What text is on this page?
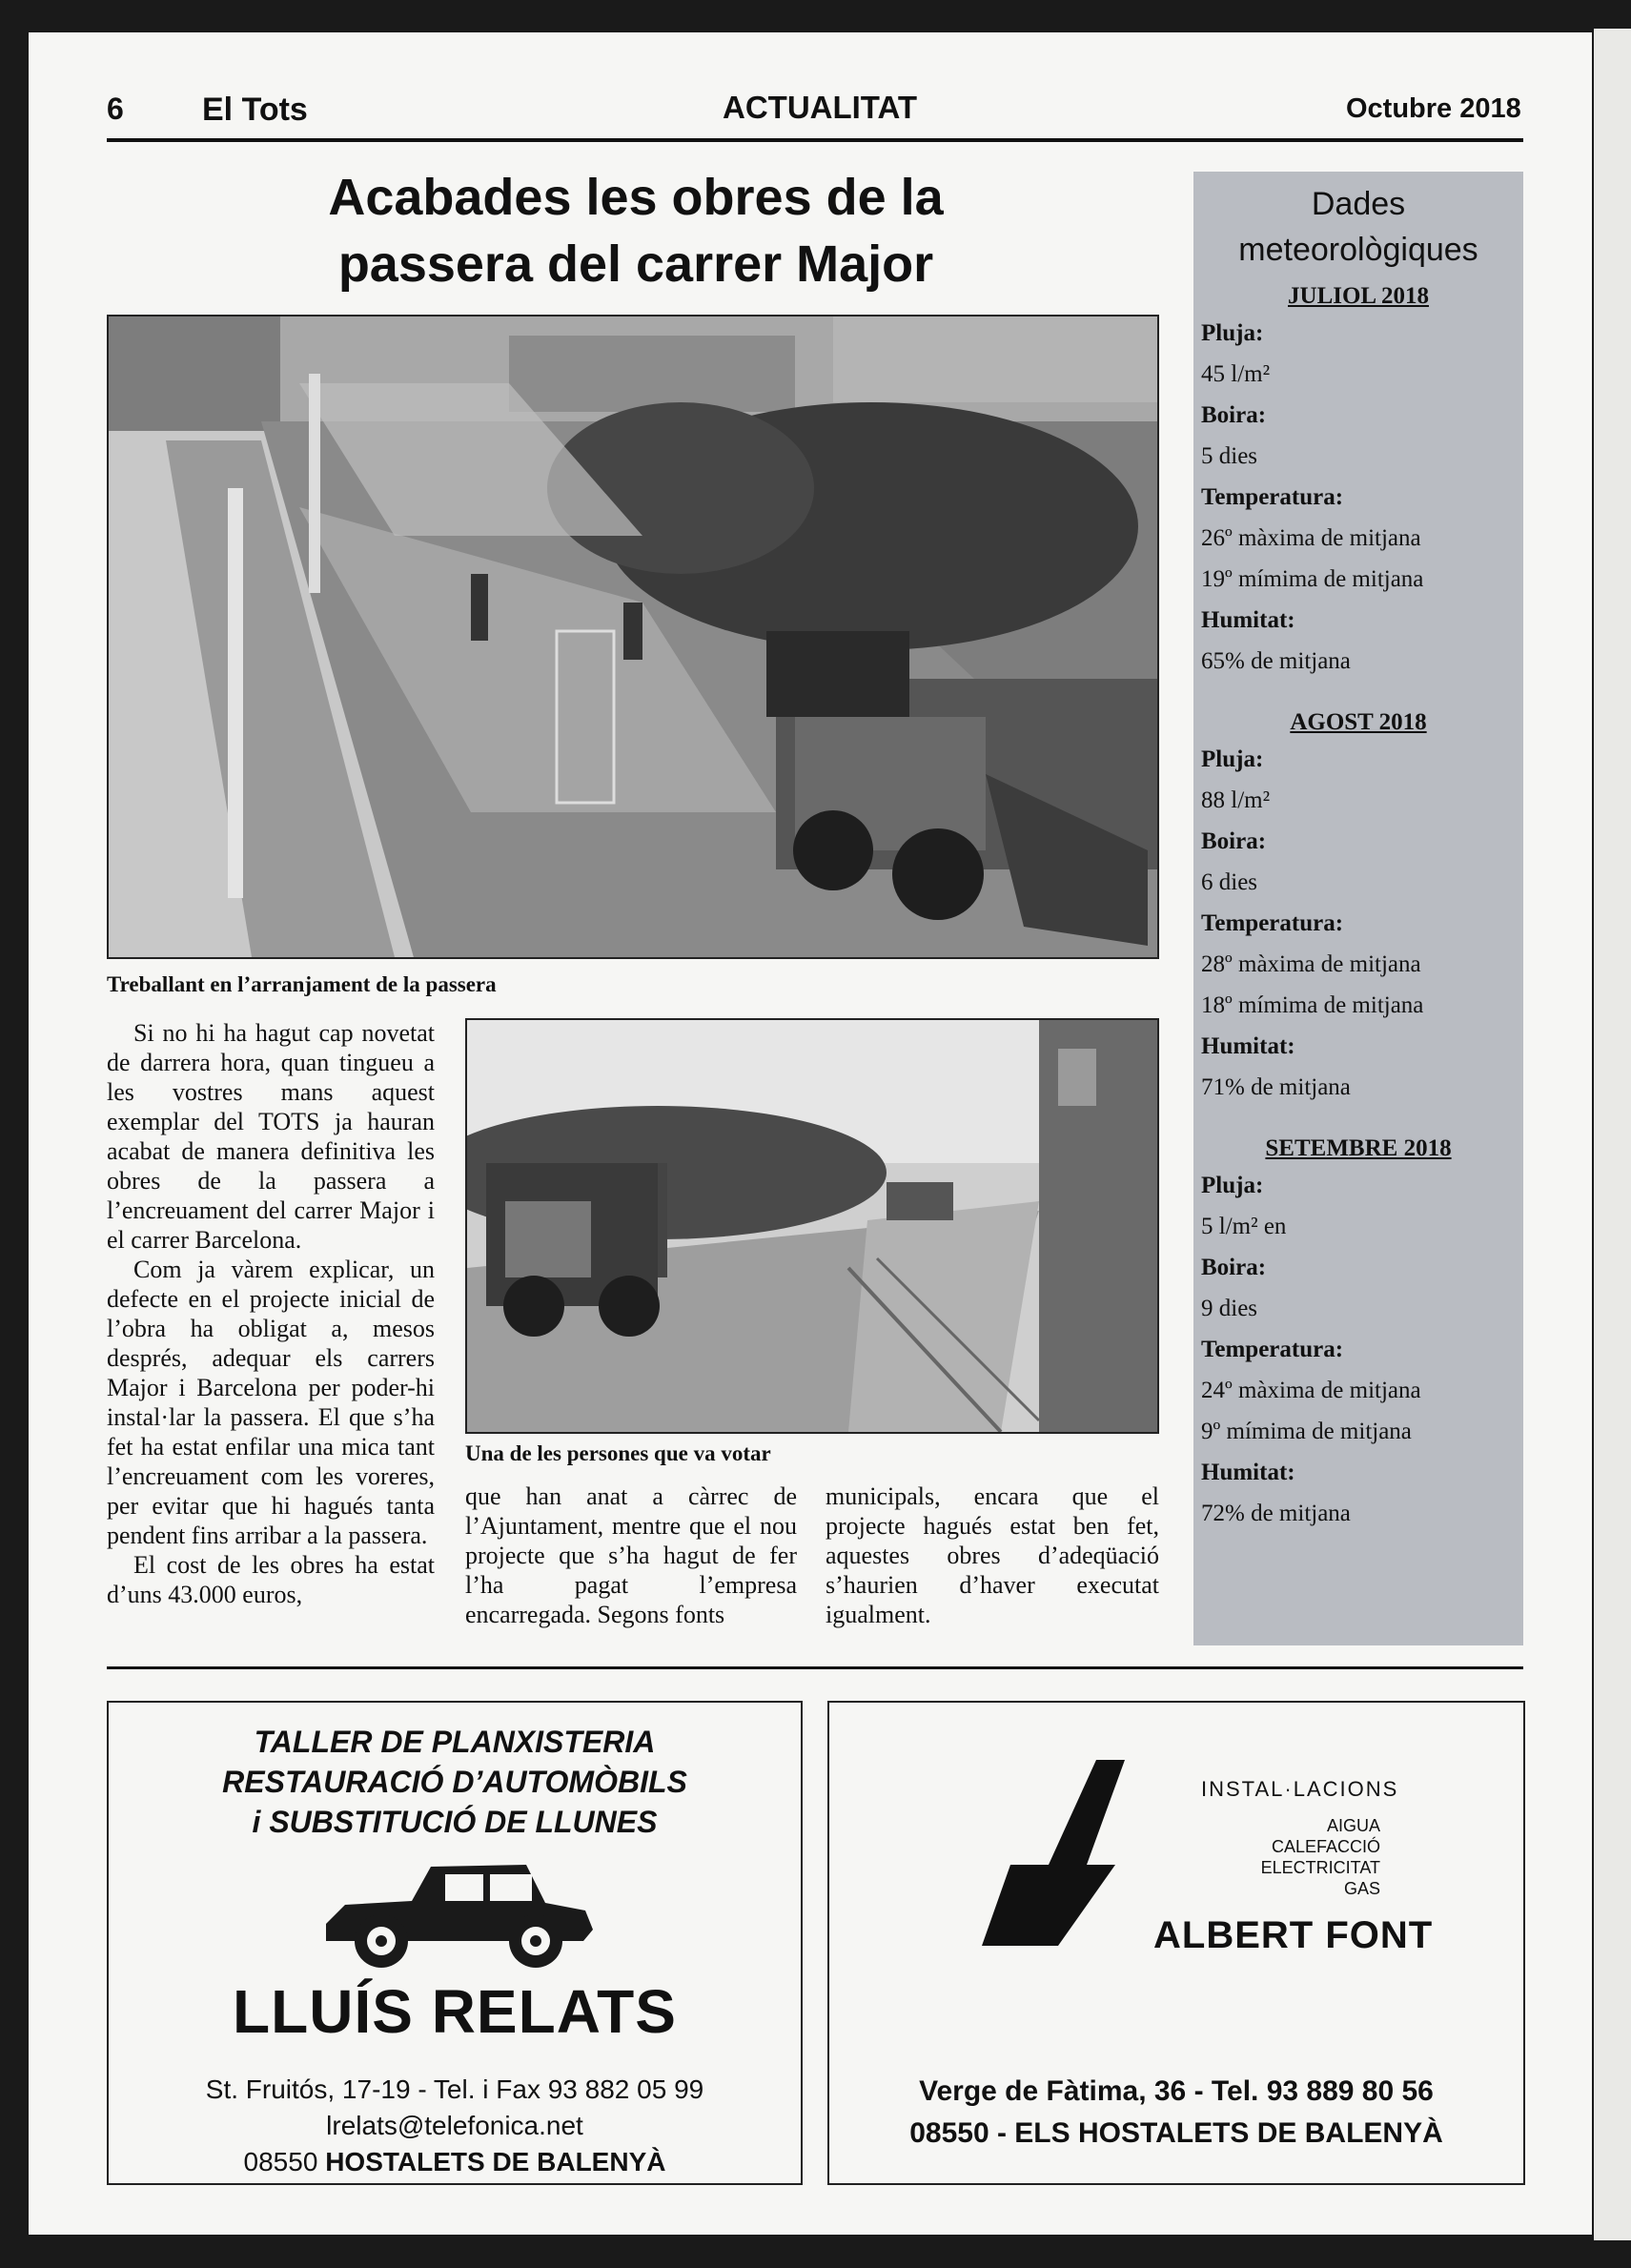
6 El Tots	ACTUALITAT	Octubre 2018
Acabades les obres de la
passera del carrer Major
Treballant en l’arranjament de la passera

Si no hi ha hagut cap novetat de darrera hora, quan tingueu a les vostres mans aquest exemplar del TOTS ja hauran acabat de manera definitiva les obres de la passera a l’encreuament del carrer Major i el carrer Barcelona.

Com ja vàrem explicar, un defecte en el projecte inicial de l’obra ha obligat a, mesos després, adequar els carrers Major i Barcelona per poder-hi instal·lar la passera. El que s’ha fet ha estat enfilar una mica tant l’encreuament com les voreres, per evitar que hi hagués tanta pendent fins arribar a la passera.

El cost de les obres ha estat d’uns 43.000 euros,

Una de les persones que va votar

que han anat a càrrec de l’Ajuntament, mentre que el nou projecte que s’ha hagut de fer l’ha pagat l’empresa encarregada. Segons fonts

municipals, encara que el projecte hagués estat ben fet, aquestes obres d’adeqüació s’haurien d’haver executat igualment.

Dades
meteorològiques
JULIOL 2018
Pluja:
45 l/m²
Boira:
5 dies
Temperatura:
26º màxima de mitjana
19º mímima de mitjana
Humitat:
65% de mitjana
AGOST 2018
Pluja:
88 l/m²
Boira:
6 dies
Temperatura:
28º màxima de mitjana
18º mímima de mitjana
Humitat:
71% de mitjana
SETEMBRE 2018
Pluja:
5 l/m² en
Boira:
9 dies
Temperatura:
24º màxima de mitjana
9º mímima de mitjana
Humitat:
72% de mitjana
TALLER DE PLANXISTERIA
RESTAURACIÓ D’AUTOMÒBILS
i SUBSTITUCIÓ DE LLUNES
LLUÍS RELATS
St. Fruitós, 17-19 - Tel. i Fax 93 882 05 99
lrelats@telefonica.net
08550 HOSTALETS DE BALENYÀ
INSTAL·LACIONS
AIGUA
CALEFACCIÓ
ELECTRICITAT
GAS
ALBERT FONT
Verge de Fàtima, 36 - Tel. 93 889 80 56
08550 - ELS HOSTALETS DE BALENYÀ
